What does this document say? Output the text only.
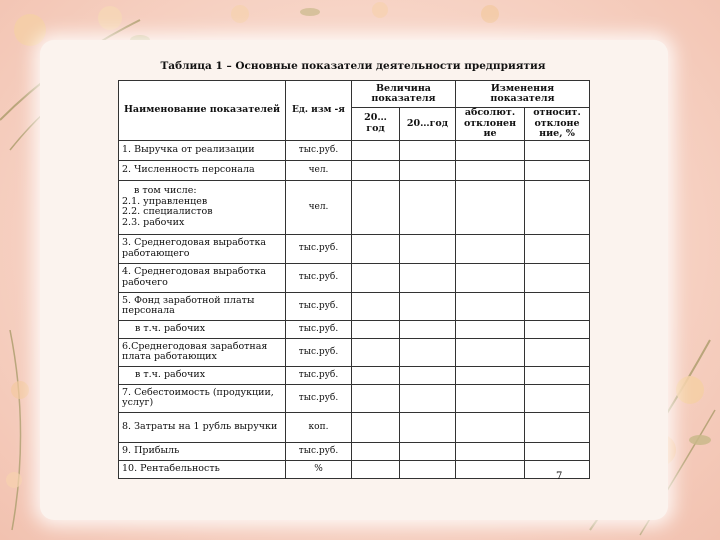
Таблица 1 – Основные показатели деятельности предприятия
Наименование показателей	Ед. изм -я	Величина показателя		Изменения показателя	
		20…год	20…год	абсолют. отклонен ие	относит. отклоне ние, %

1. Выручка от реализации	тыс.руб.				
2. Численность персонала	чел.				

в том числе:
2.1. управленцев
2.2. специалистов
2.3. рабочих	чел.				
3. Среднегодовая выработка работающего	тыс.руб.				
4. Среднегодовая выработка рабочего	тыс.руб.				
5. Фонд заработной платы персонала	тыс.руб.				
в т.ч. рабочих	тыс.руб.				
6.Среднегодовая заработная плата работающих	тыс.руб.				
в т.ч. рабочих	тыс.руб.				
7. Себестоимость (продукции, услуг)	тыс.руб.				
8. Затраты на 1 рубль выручки	коп.				
9. Прибыль	тыс.руб.				
10. Рентабельность	%				
7
